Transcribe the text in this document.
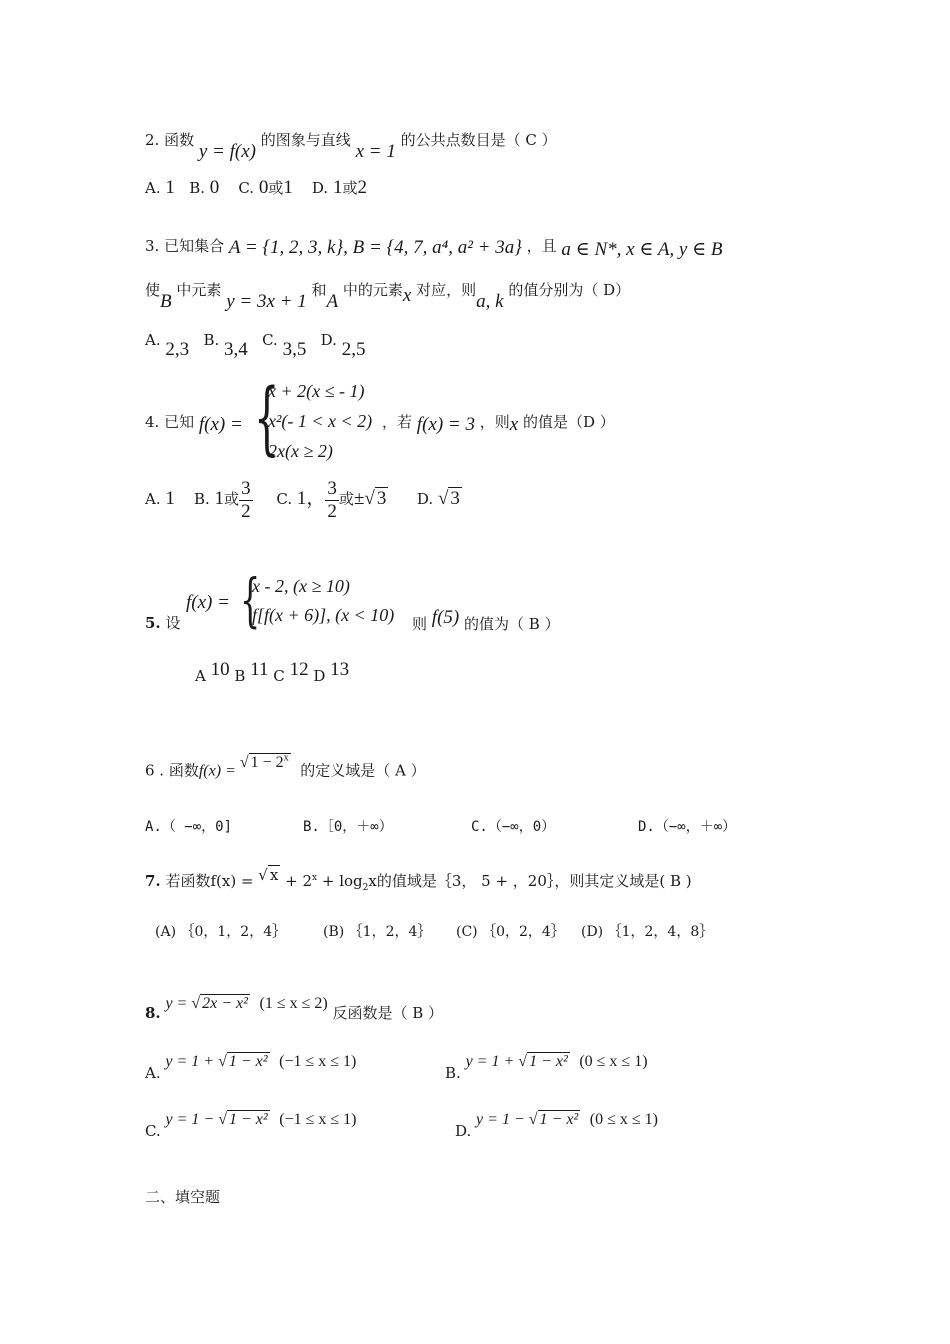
2. 函数 y = f(x) 的图象与直线 x = 1 的公共点数目是（ C ）
A. 1 B. 0 C. 0或1 D. 1或2
3. 已知集合 A = {1, 2, 3, k}, B = {4, 7, a⁴, a² + 3a} ，且 a ∈ N*, x ∈ A, y ∈ B
使B 中元素 y = 3x + 1 和A 中的元素x 对应，则a, k 的值分别为（ D）
A. 2,3 B. 3,4 C. 3,5 D. 2,5
4. 已知 f(x) = {
x + 2(x ≤ - 1)
x²(- 1 < x < 2)
2x(x ≥ 2)
，若 f(x) = 3 ，则x 的值是（D ）
A. 1 B. 1或 $\frac{3}{2} C$. 1， $\frac{3}{2}$ 或±√ 3 D. √ 3
f(x) = {
x - 2, (x ≥ 10)
f[f(x + 6)], (x < 10)
5. 设	则 f(5) 的值为（ B ）
A 10 B 11 C 12 D 13
6 . 函数f(x) = √ $1 - 2^x$  的定义域是（ A ）
A.（ −∞，0]	B.［0，＋∞）	C.（−∞，0）	D.（−∞，＋∞）
7. 若函数f(x) = √ $x + 2^x + \log_2x$的值域是｛3， 5 + ，20｝，则其定义域是( B )
(A) ｛0，1，2，4｝	(B) ｛1，2，4｝ (C) ｛0，2，4｝ (D) ｛1，2，4，8｝
8. y = √ 2x − x² (1 ≤ x ≤ 2) 反函数是（ B ）
A. y = 1 + √ 1 − x² (−1 ≤ x ≤ 1)
B. y = 1 + √ 1 − x² (0 ≤ x ≤ 1)
C. y = 1 − √ 1 − x² (−1 ≤ x ≤ 1)
D. y = 1 − √ 1 − x² (0 ≤ x ≤ 1)
二、填空题
